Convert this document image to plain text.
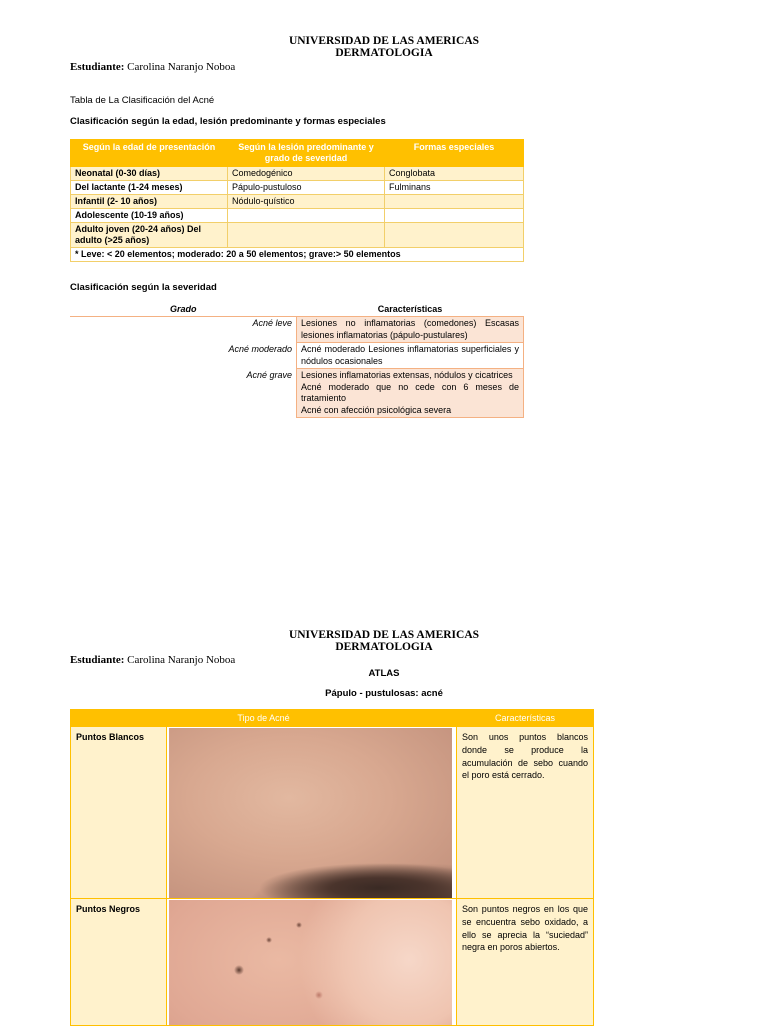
UNIVERSIDAD DE LAS AMERICAS
DERMATOLOGIA
Estudiante: Carolina Naranjo Noboa
Tabla de La Clasificación del Acné
Clasificación según la edad, lesión predominante y formas especiales
Según la edad de presentación	Según la lesión predominante y grado de severidad	Formas especiales
Neonatal (0-30 días)	Comedogénico	Conglobata
Del lactante (1-24 meses)	Pápulo-pustuloso	Fulminans
Infantil (2- 10 años)	Nódulo-quístico	
Adolescente (10-19 años)		
Adulto joven (20-24 años) Del adulto (>25 años)		
* Leve: < 20 elementos; moderado: 20 a 50 elementos; grave:> 50 elementos		
Clasificación según la severidad
Grado	Características
Acné leve	Lesiones no inflamatorias (comedones) Escasas lesiones inflamatorias (pápulo-pustulares)

Acné moderado	Acné moderado Lesiones inflamatorias superficiales y nódulos ocasionales

Acné grave	Lesiones inflamatorias extensas, nódulos y cicatrices
Acné moderado que no cede con 6 meses de tratamiento
Acné con afección psicológica severa
UNIVERSIDAD DE LAS AMERICAS
DERMATOLOGIA
Estudiante: Carolina Naranjo Noboa
ATLAS
Pápulo - pustulosas: acné
Tipo de Acné		Características
Puntos Blancos		Son unos puntos blancos donde se produce la acumulación de sebo cuando el poro está cerrado.
Puntos Negros		Son puntos negros en los que se encuentra sebo oxidado, a ello se aprecia la “suciedad” negra en poros abiertos.
